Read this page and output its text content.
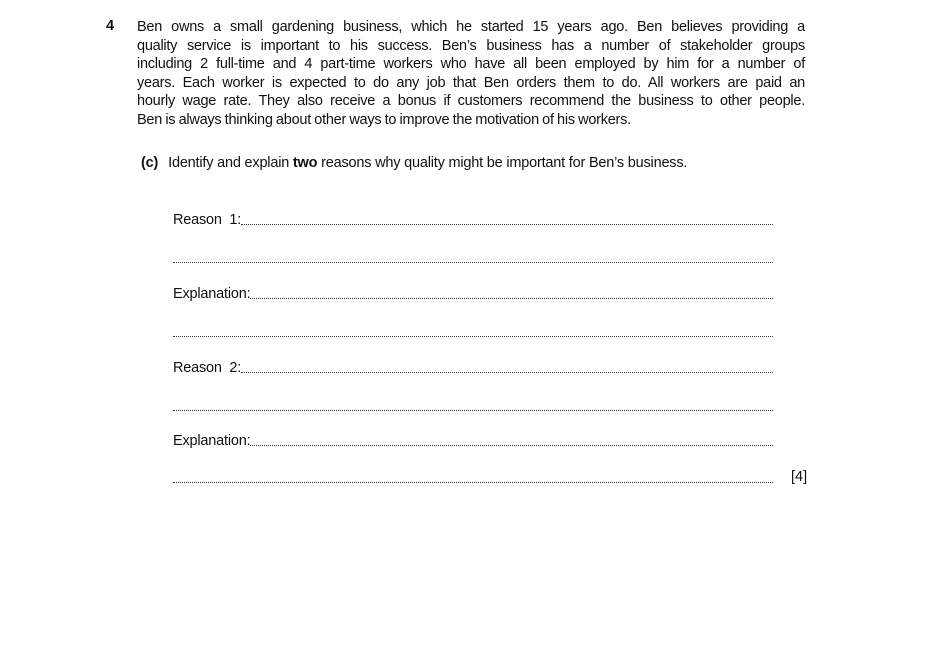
4 Ben owns a small gardening business, which he started 15 years ago. Ben believes providing a
quality service is important to his success. Ben’s business has a number of stakeholder groups
including 2 full-time and 4 part-time workers who have all been employed by him for a number of
years. Each worker is expected to do any job that Ben orders them to do. All workers are paid an
hourly wage rate. They also receive a bonus if customers recommend the business to other people.
Ben is always thinking about other ways to improve the motivation of his workers.
(c) Identify and explain two reasons why quality might be important for Ben’s business.
Reason  1:
Explanation:
Reason  2:
Explanation:
[4]
